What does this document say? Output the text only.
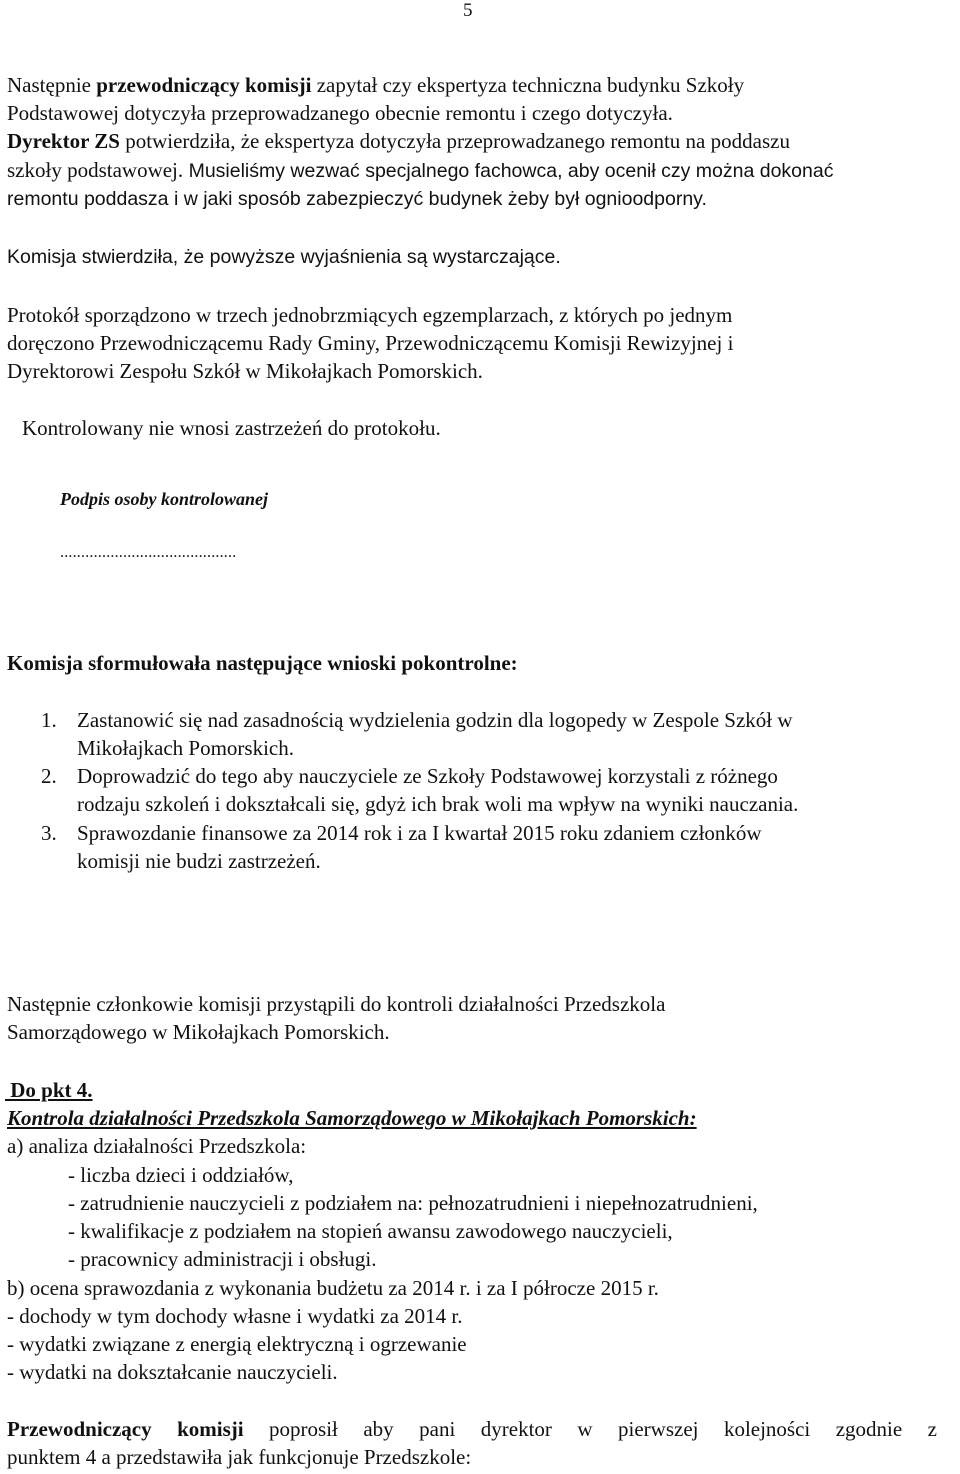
5
Następnie przewodniczący komisji zapytał czy ekspertyza techniczna budynku Szkoły
Podstawowej dotyczyła przeprowadzanego obecnie remontu i czego dotyczyła.
Dyrektor ZS potwierdziła, że ekspertyza dotyczyła przeprowadzanego remontu na poddaszu
szkoły podstawowej. Musieliśmy wezwać specjalnego fachowca, aby ocenił czy można dokonać
remontu poddasza i w jaki sposób zabezpieczyć budynek żeby był ognioodporny.
Komisja stwierdziła, że powyższe wyjaśnienia są wystarczające.
Protokół sporządzono w trzech jednobrzmiących egzemplarzach, z których po jednym
doręczono Przewodniczącemu Rady Gminy, Przewodniczącemu Komisji Rewizyjnej i
Dyrektorowi Zespołu Szkół w Mikołajkach Pomorskich.
Kontrolowany nie wnosi zastrzeżeń do protokołu.
Podpis osoby kontrolowanej
..........................................
Komisja sformułowała następujące wnioski pokontrolne:
1. Zastanowić się nad zasadnością wydzielenia godzin dla logopedy w Zespole Szkół w
Mikołajkach Pomorskich.
2. Doprowadzić do tego aby nauczyciele ze Szkoły Podstawowej korzystali z różnego
rodzaju szkoleń i dokształcali się, gdyż ich brak woli ma wpływ na wyniki nauczania.
3. Sprawozdanie finansowe za 2014 rok i za I kwartał 2015 roku zdaniem członków
komisji nie budzi zastrzeżeń.
Następnie członkowie komisji przystąpili do kontroli działalności Przedszkola
Samorządowego w Mikołajkach Pomorskich.
Do pkt 4.
Kontrola działalności Przedszkola Samorządowego w Mikołajkach Pomorskich:
a) analiza działalności Przedszkola:
- liczba dzieci i oddziałów,
- zatrudnienie nauczycieli z podziałem na: pełnozatrudnieni i niepełnozatrudnieni,
- kwalifikacje z podziałem na stopień awansu zawodowego nauczycieli,
- pracownicy administracji i obsługi.
b) ocena sprawozdania z wykonania budżetu za 2014 r. i za I półrocze 2015 r.
- dochody w tym dochody własne i wydatki za 2014 r.
- wydatki związane z energią elektryczną i ogrzewanie
- wydatki na dokształcanie nauczycieli.
Przewodniczący komisji poprosił aby pani dyrektor w pierwszej kolejności zgodnie z
punktem 4 a przedstawiła jak funkcjonuje Przedszkole:
